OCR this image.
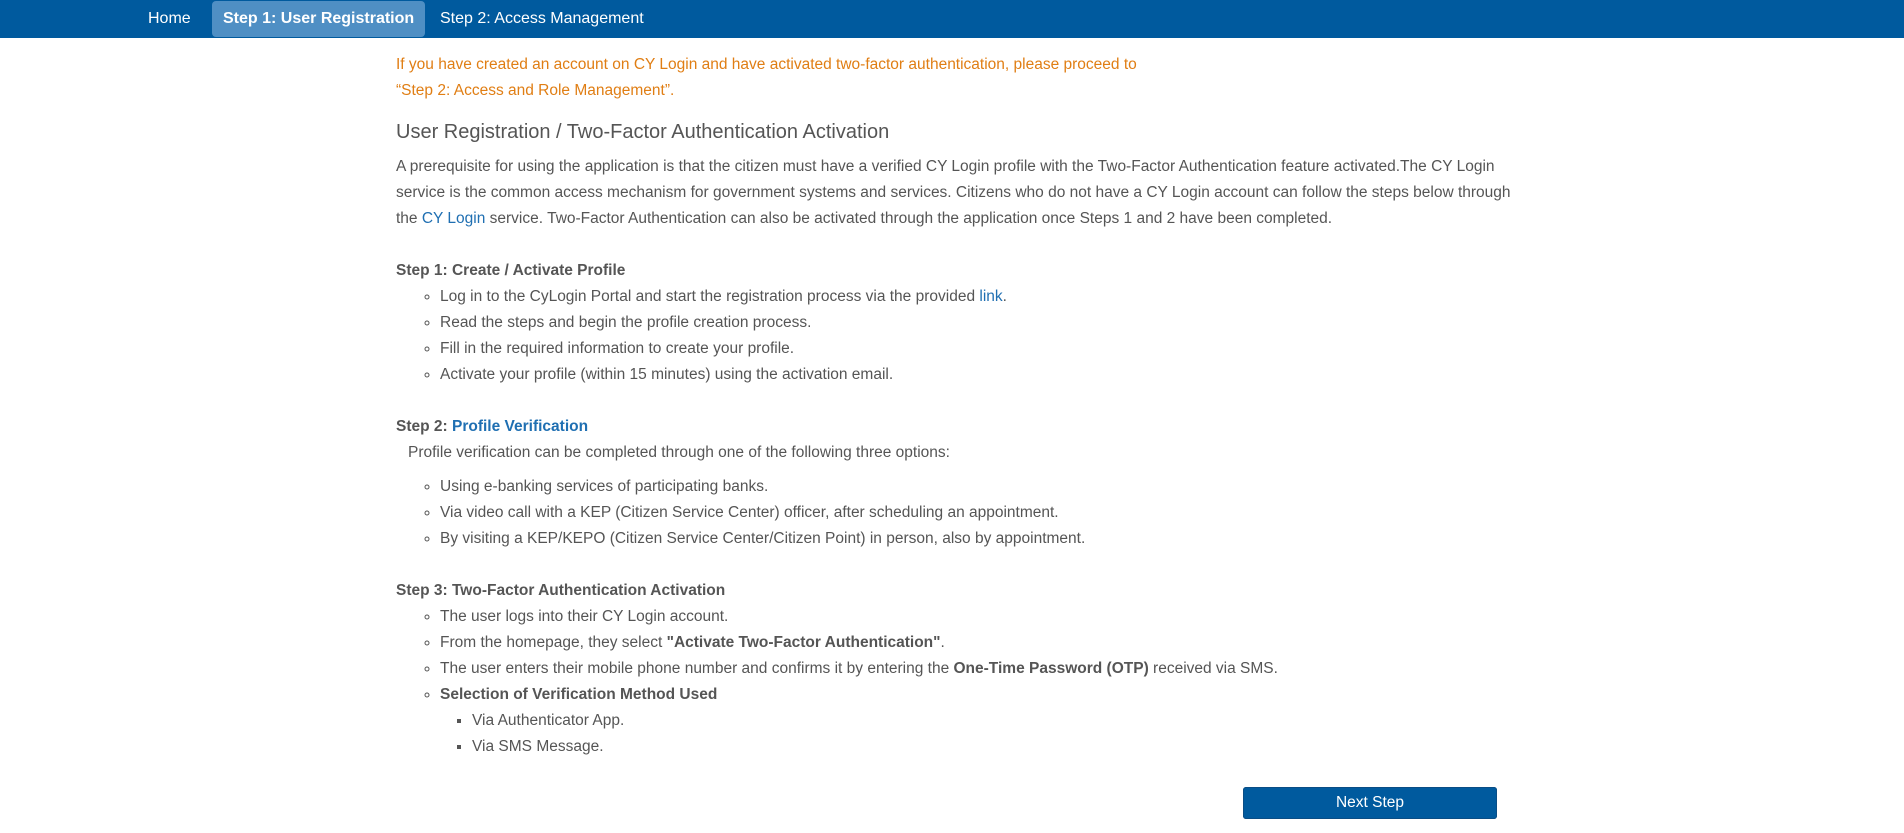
Home	Step 1: User Registration	Step 2: Access Management

If you have created an account on CY Login and have activated two-factor authentication, please proceed to
“Step 2: Access and Role Management”.

User Registration / Two-Factor Authentication Activation

A prerequisite for using the application is that the citizen must have a verified CY Login profile with the Two-Factor Authentication feature activated.The CY Login service is the common access mechanism for government systems and services. Citizens who do not have a CY Login account can follow the steps below through the CY Login service. Two-Factor Authentication can also be activated through the application once Steps 1 and 2 have been completed.

Step 1: Create / Activate Profile

◦ Log in to the CyLogin Portal and start the registration process via the provided link.
◦ Read the steps and begin the profile creation process.
◦ Fill in the required information to create your profile.
◦ Activate your profile (within 15 minutes) using the activation email.

Step 2: Profile Verification

Profile verification can be completed through one of the following three options:

◦ Using e-banking services of participating banks.
◦ Via video call with a KEP (Citizen Service Center) officer, after scheduling an appointment.
◦ By visiting a KEP/KEPO (Citizen Service Center/Citizen Point) in person, also by appointment.

Step 3: Two-Factor Authentication Activation

◦ The user logs into their CY Login account.
◦ From the homepage, they select "Activate Two-Factor Authentication".
◦ The user enters their mobile phone number and confirms it by entering the One-Time Password (OTP) received via SMS.
◦ Selection of Verification Method Used
▪ Via Authenticator App.
▪ Via SMS Message.
Next Step
